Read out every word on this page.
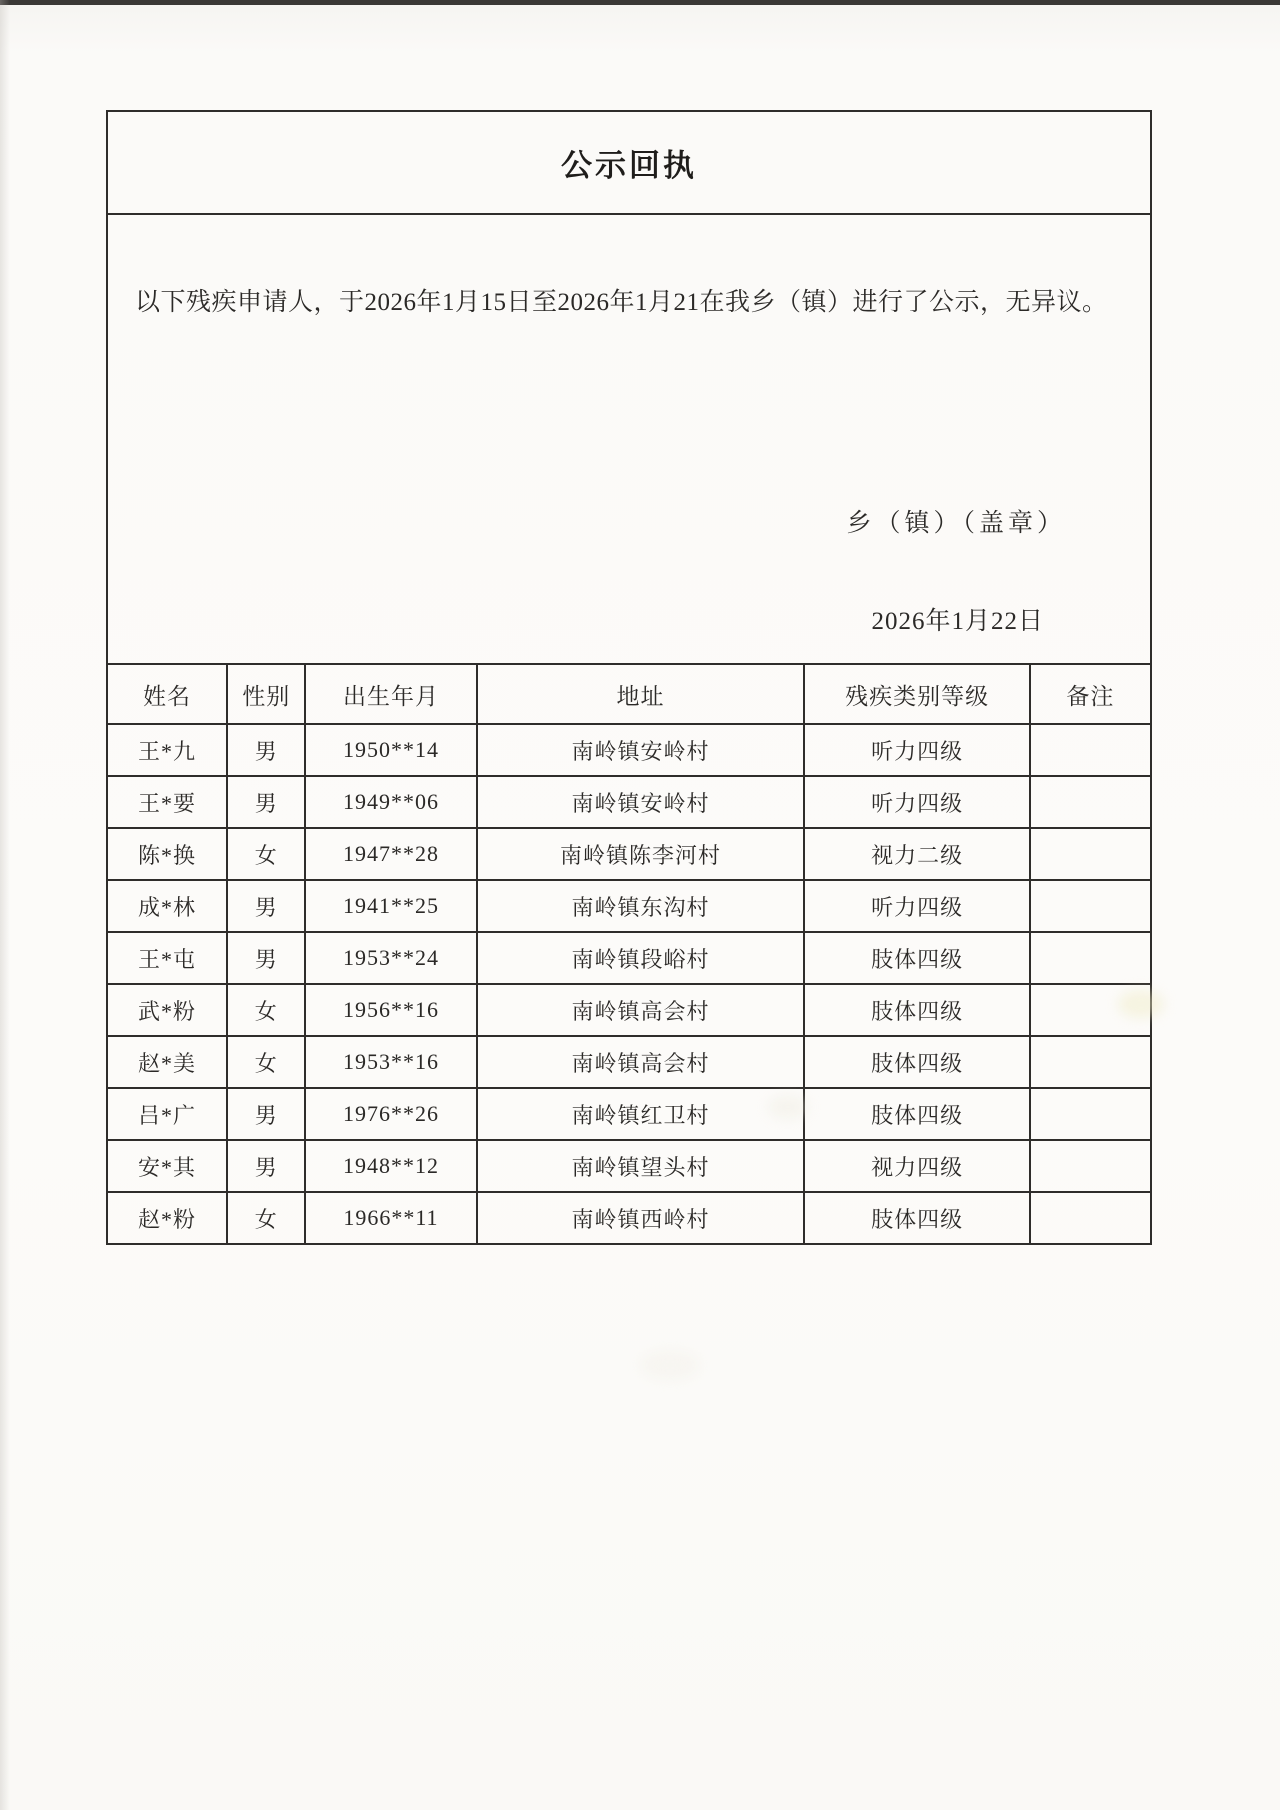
公示回执

以下残疾申请人，于2026年1月15日至2026年1月21在我乡（镇）进行了公示，无异议。

乡（镇）（盖章）
2026年1月22日
姓名	性别	出生年月	地址	残疾类别等级	备注
王*九	男	1950**14	南岭镇安岭村	听力四级	
王*要	男	1949**06	南岭镇安岭村	听力四级	
陈*换	女	1947**28	南岭镇陈李河村	视力二级	
成*林	男	1941**25	南岭镇东沟村	听力四级	
王*屯	男	1953**24	南岭镇段峪村	肢体四级	
武*粉	女	1956**16	南岭镇高会村	肢体四级	
赵*美	女	1953**16	南岭镇高会村	肢体四级	
吕*广	男	1976**26	南岭镇红卫村	肢体四级	
安*其	男	1948**12	南岭镇望头村	视力四级	
赵*粉	女	1966**11	南岭镇西岭村	肢体四级	
